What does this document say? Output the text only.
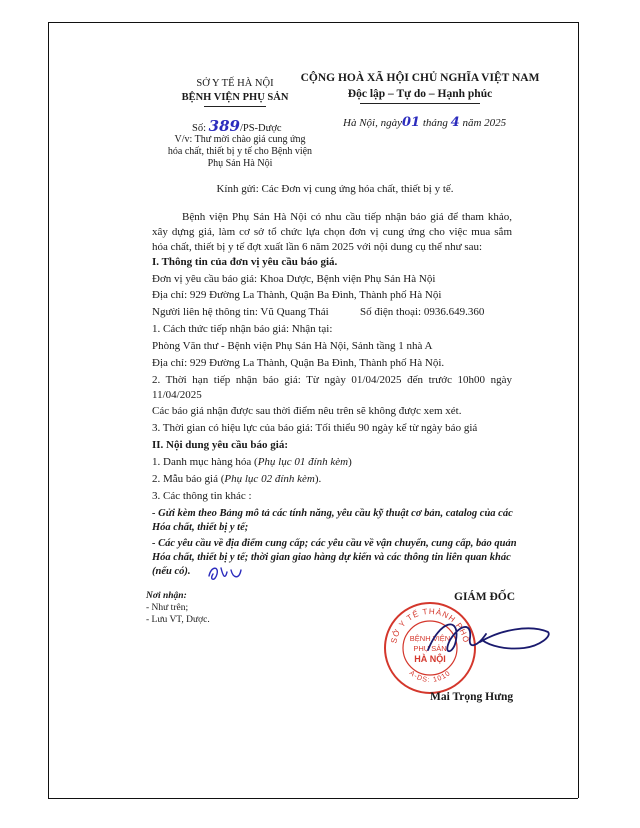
SỞ Y TẾ HÀ NỘI
BỆNH VIỆN PHỤ SẢN
Số: 389/PS-Dược
V/v: Thư mời chào giá cung ứng
hóa chất, thiết bị y tế cho Bệnh viện
Phụ Sản Hà Nội
CỘNG HOÀ XÃ HỘI CHỦ NGHĨA VIỆT NAM
Độc lập – Tự do – Hạnh phúc
Hà Nội, ngày01 tháng 4 năm 2025
Kính gửi: Các Đơn vị cung ứng hóa chất, thiết bị y tế.
Bệnh viện Phụ Sản Hà Nội có nhu cầu tiếp nhận báo giá để tham khảo,
xây dựng giá, làm cơ sở tổ chức lựa chọn đơn vị cung ứng cho việc mua sắm
hóa chất, thiết bị y tế đợt xuất lần 6 năm 2025 với nội dung cụ thể như sau:
I. Thông tin của đơn vị yêu cầu báo giá.
Đơn vị yêu cầu báo giá: Khoa Dược, Bệnh viện Phụ Sản Hà Nội
Địa chỉ: 929 Đường La Thành, Quận Ba Đình, Thành phố Hà Nội
Người liên hệ thông tin: Vũ Quang Thái	Số điện thoại: 0936.649.360
1. Cách thức tiếp nhận báo giá: Nhận tại:
Phòng Văn thư - Bệnh viện Phụ Sản Hà Nội, Sảnh tầng 1 nhà A
Địa chỉ: 929 Đường La Thành, Quận Ba Đình, Thành phố Hà Nội.
2. Thời hạn tiếp nhận báo giá: Từ ngày 01/04/2025 đến trước 10h00 ngày
11/04/2025
Các báo giá nhận được sau thời điểm nêu trên sẽ không được xem xét.
3. Thời gian có hiệu lực của báo giá: Tối thiểu 90 ngày kể từ ngày báo giá
II. Nội dung yêu cầu báo giá:
1. Danh mục hàng hóa (Phụ lục 01 đính kèm)
2. Mẫu báo giá (Phụ lục 02 đính kèm).
3. Các thông tin khác :
- Gửi kèm theo Bảng mô tả các tính năng, yêu cầu kỹ thuật cơ bản, catalog của các
Hóa chất, thiết bị y tế;
- Các yêu cầu về địa điểm cung cấp; các yêu cầu về vận chuyển, cung cấp, bảo quản
Hóa chất, thiết bị y tế; thời gian giao hàng dự kiến và các thông tin liên quan khác
(nếu có).
Nơi nhận:
- Như trên;
- Lưu VT, Dược.
GIÁM ĐỐC
SỞ Y TẾ THÀNH PHỐ
A-DS: 1010
BỆNH VIỆN
PHỤ SẢN
HÀ NỘI
Mai Trọng Hưng
